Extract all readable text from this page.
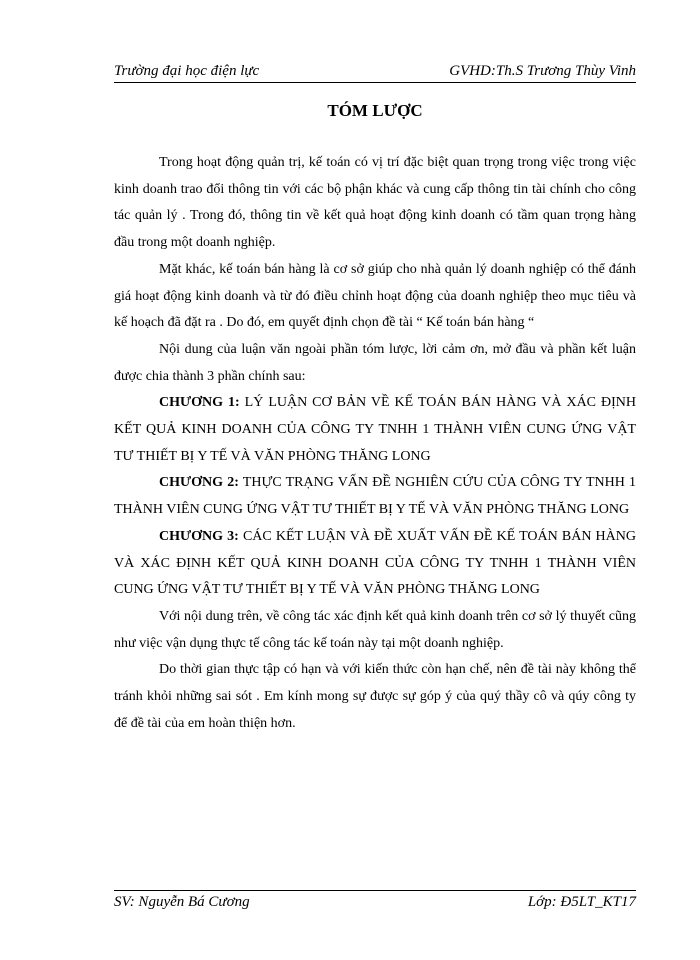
Trường đại học điện lực	GVHD:Th.S Trương Thùy Vinh
TÓM LƯỢC

Trong hoạt động quản trị, kế toán có vị trí đặc biệt quan trọng trong việc trong việc kinh doanh trao đổi thông tin với các bộ phận khác và cung cấp thông tin tài chính cho công tác quản lý . Trong đó, thông tin về kết quả hoạt động kinh doanh có tầm quan trọng hàng đầu trong một doanh nghiệp.

Mặt khác, kế toán bán hàng là cơ sở giúp cho nhà quản lý doanh nghiệp có thể đánh giá hoạt động kinh doanh và từ đó điều chỉnh hoạt động của doanh nghiệp theo mục tiêu và kế hoạch đã đặt ra . Do đó, em quyết định chọn đề tài “ Kế toán bán hàng “

Nội dung của luận văn ngoài phần tóm lược, lời cảm ơn, mở đầu và phần kết luận được chia thành 3 phần chính sau:

CHƯƠNG 1: LÝ LUẬN CƠ BẢN VỀ KẾ TOÁN BÁN HÀNG VÀ XÁC ĐỊNH KẾT QUẢ KINH DOANH CỦA CÔNG TY TNHH 1 THÀNH VIÊN CUNG ỨNG VẬT TƯ THIẾT BỊ Y TẾ VÀ VĂN PHÒNG THĂNG LONG

CHƯƠNG 2: THỰC TRẠNG VẤN ĐỀ NGHIÊN CỨU CỦA CÔNG TY TNHH 1 THÀNH VIÊN CUNG ỨNG VẬT TƯ THIẾT BỊ Y TẾ VÀ VĂN PHÒNG THĂNG LONG

CHƯƠNG 3: CÁC KẾT LUẬN VÀ ĐỀ XUẤT VẤN ĐỀ KẾ TOÁN BÁN HÀNG VÀ XÁC ĐỊNH KẾT QUẢ KINH DOANH CỦA CÔNG TY TNHH 1 THÀNH VIÊN CUNG ỨNG VẬT TƯ THIẾT BỊ Y TẾ VÀ VĂN PHÒNG THĂNG LONG

Với nội dung trên, về công tác xác định kết quả kinh doanh trên cơ sở lý thuyết cũng như việc vận dụng thực tế công tác kế toán này tại một doanh nghiệp.

Do thời gian thực tập có hạn và với kiến thức còn hạn chế, nên đề tài này không thể tránh khỏi những sai sót . Em kính mong sự được sự góp ý của quý thầy cô và qúy công ty để đề tài của em hoàn thiện hơn.

SV: Nguyễn Bá Cương	Lớp: Đ5LT_KT17
